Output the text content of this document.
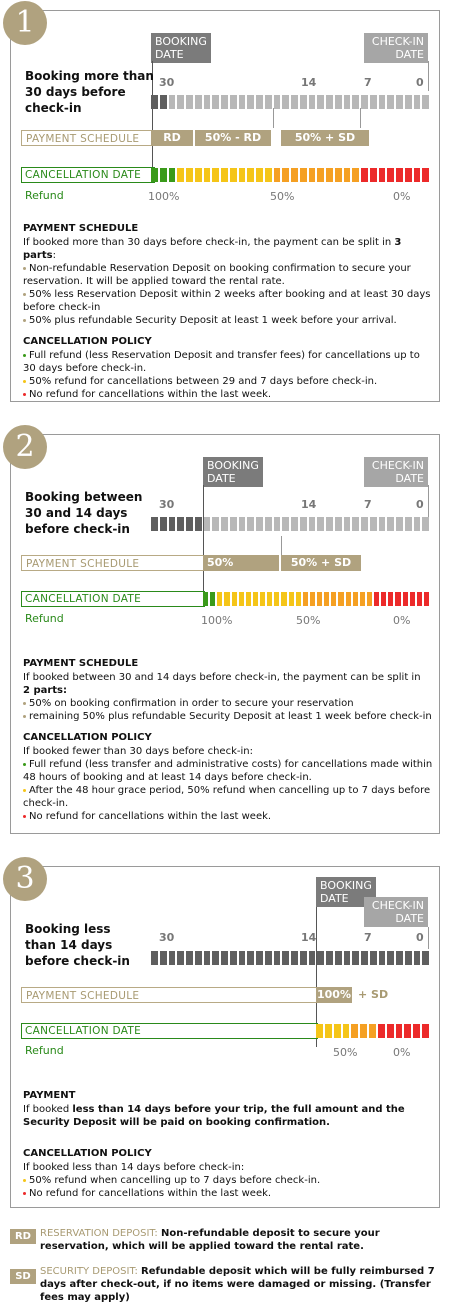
1
BOOKING DATE
CHECK-IN DATE
Booking more than 30 days before check-in
30	14	7	0
PAYMENT SCHEDULE	RD	50% - RD	50% + SD
CANCELLATION DATE
Refund	100%	50%	0%
PAYMENT SCHEDULE

If booked more than 30 days before check-in, the payment can be split in 3 parts:

Non-refundable Reservation Deposit on booking confirmation to secure your reservation. It will be applied toward the rental rate.

50% less Reservation Deposit within 2 weeks after booking and at least 30 days before check-in

50% plus refundable Security Deposit at least 1 week before your arrival.

CANCELLATION POLICY

Full refund (less Reservation Deposit and transfer fees) for cancellations up to 30 days before check-in.

50% refund for cancellations between 29 and 7 days before check-in.

No refund for cancellations within the last week.

2
BOOKING DATE
CHECK-IN DATE
Booking between 30 and 14 days before check-in
30	14	7	0
PAYMENT SCHEDULE	50%	50% + SD
CANCELLATION DATE
Refund	100%	50%	0%
PAYMENT SCHEDULE

If booked between 30 and 14 days before check-in, the payment can be split in
2 parts:

50% on booking confirmation in order to secure your reservation

remaining 50% plus refundable Security Deposit at least 1 week before check-in

CANCELLATION POLICY

If booked fewer than 30 days before check-in:

Full refund (less transfer and administrative costs) for cancellations made within 48 hours of booking and at least 14 days before check-in.

After the 48 hour grace period, 50% refund when cancelling up to 7 days before check-in.

No refund for cancellations within the last week.

3	BOOKING DATE
CHECK-IN DATE
Booking less than 14 days before check-in
30	14	7	0
PAYMENT SCHEDULE	100% + SD
CANCELLATION DATE
Refund	50%	0%
PAYMENT

If booked less than 14 days before your trip, the full amount and the Security Deposit will be paid on booking confirmation.

CANCELLATION POLICY

If booked less than 14 days before check-in:

50% refund when cancelling up to 7 days before check-in.

No refund for cancellations within the last week.

RD RESERVATION DEPOSIT: Non-refundable deposit to secure your reservation, which will be applied toward the rental rate.
SD SECURITY DEPOSIT: Refundable deposit which will be fully reimbursed 7 days after check-out, if no items were damaged or missing. (Transfer fees may apply)
